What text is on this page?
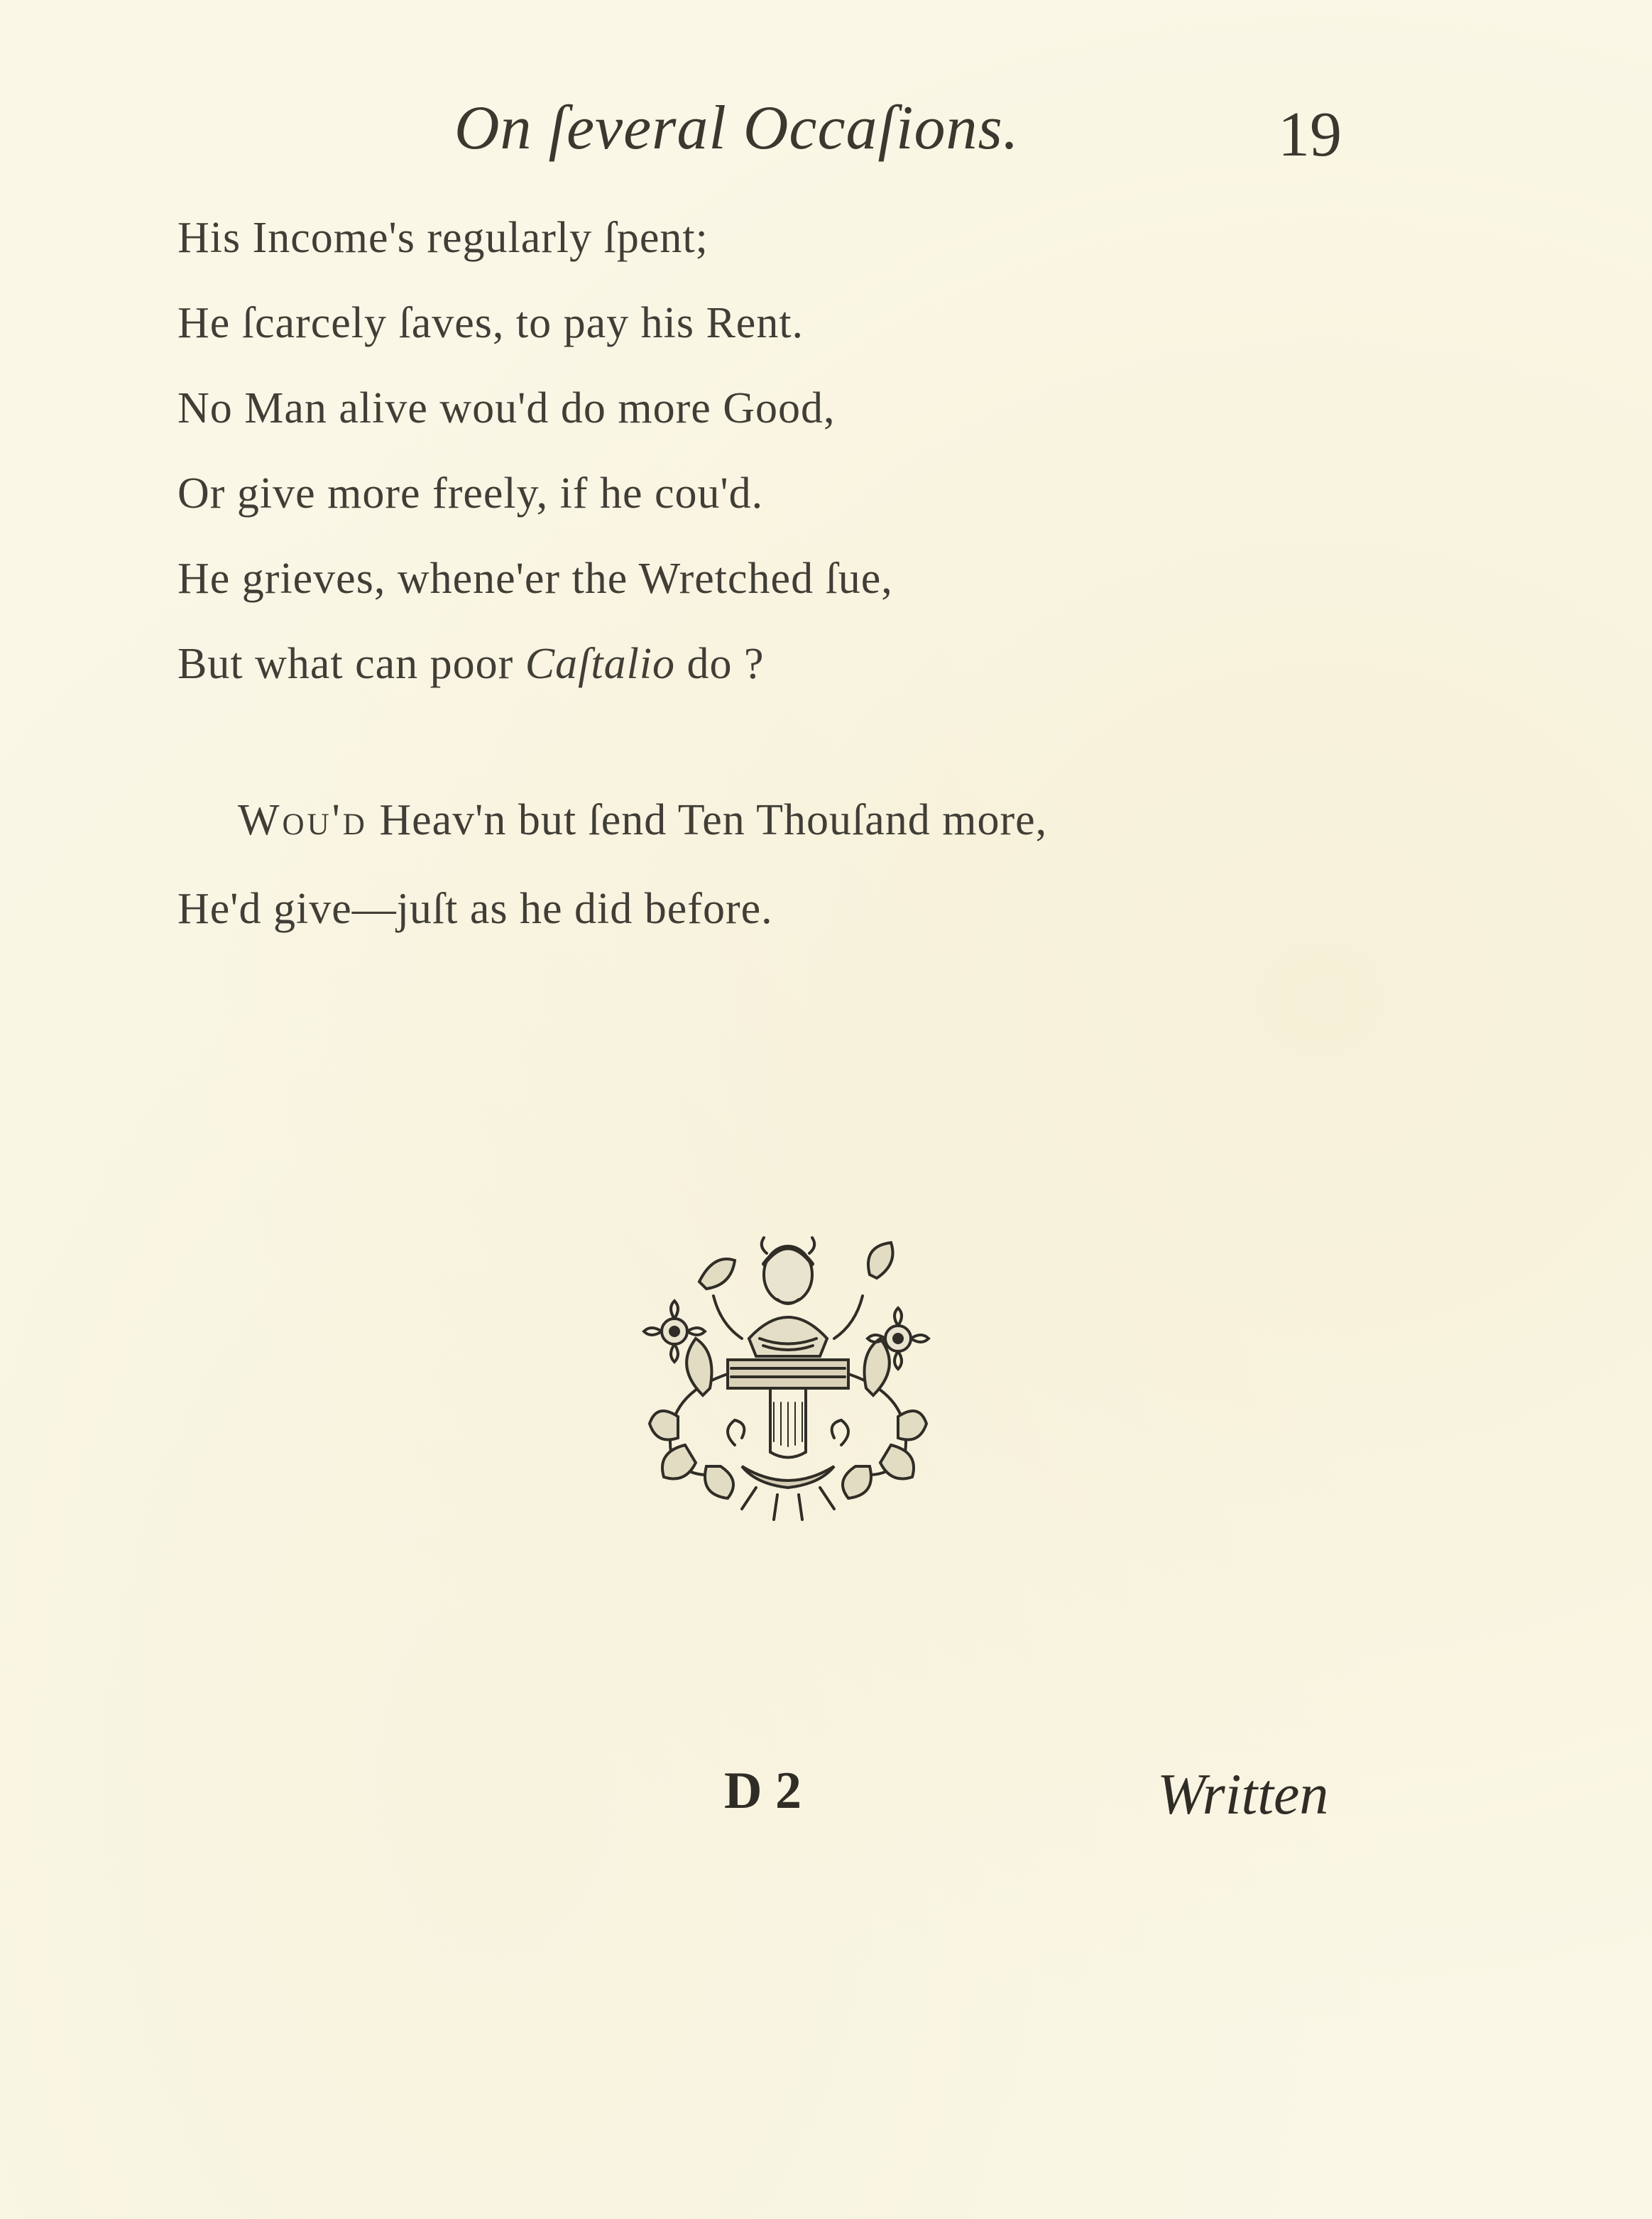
On ſeveral Occaſions.	19
His Income's regularly ſpent;
He ſcarcely ſaves, to pay his Rent.
No Man alive wou'd do more Good,
Or give more freely, if he cou'd.
He grieves, whene'er the Wretched ſue,
But what can poor Caſtalio do ?
Wou'd Heav'n but ſend Ten Thouſand more,
He'd give—juſt as he did before.
D 2	Written
